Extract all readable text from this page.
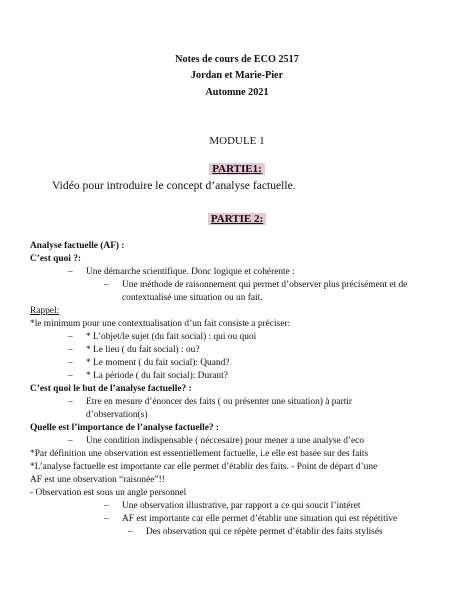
Notes de cours de ECO 2517
Jordan et Marie-Pier
Automne 2021
MODULE 1
PARTIE1:
Vidéo pour introduire le concept d’analyse factuelle.
PARTIE 2:
Analyse factuelle (AF) :
C’est quoi ?:
– Une démarche scientifique. Donc logique et cohérente :
– Une méthode de raisonnement qui permet d’observer plus précisément et de
contextualisé une situation ou un fait.
Rappel:
*le minimum pour une contextualisation d’un fait consiste a préciser:
– * L’objet/le sujet (du fait social) : qui ou quoi
– * Le lieu ( du fait social) : ou?
– * Le moment ( du fait social): Quand?
– * La période ( du fait social): Durant?
C’est quoi le but de l’analyse factuelle? :
– Etre en mesure d’énoncer des faits ( ou présenter une situation) à partir
d’observation(s)
Quelle est l’importance de l’analyse factuelle? :
– Une condition indispensable ( néccesaire) pour mener a une analyse d’eco
*Par définition une observation est essentiellement factuelle, i.e elle est basée sur des faits
*L’analyse factuelle est importante car elle permet d’établir des faits. - Point de départ d’une
AF est une observation “raisonée”!!
- Observation est sous un angle personnel
– Une observation illustrative, par rapport a ce qui soucit l’intéret
– AF est importante car elle permet d’établir une situation qui est répétitive
– Des observation qui ce répète permet d’établir des faits stylisés
